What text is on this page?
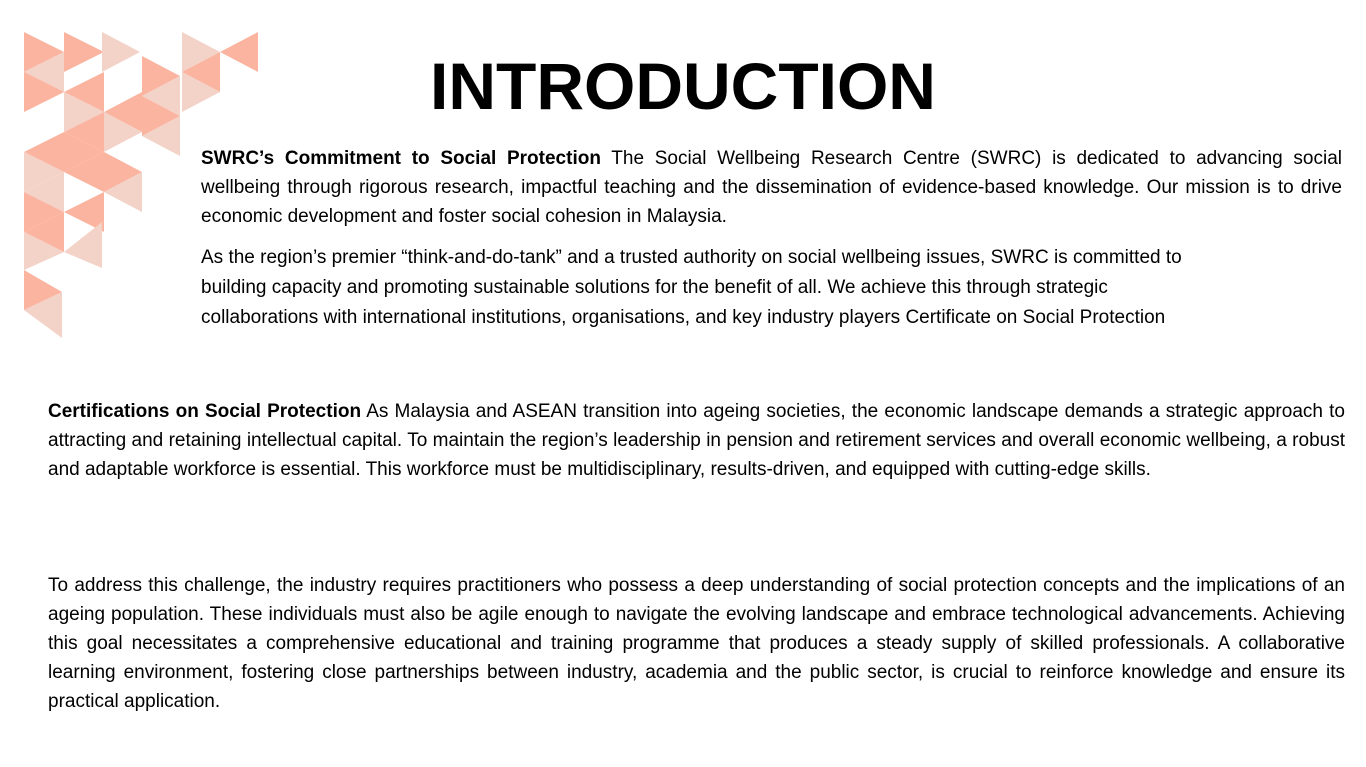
INTRODUCTION

SWRC’s Commitment to Social Protection The Social Wellbeing Research Centre (SWRC) is dedicated to advancing social wellbeing through rigorous research, impactful teaching and the dissemination of evidence-based knowledge. Our mission is to drive economic development and foster social cohesion in Malaysia.

As the region’s premier “think-and-do-tank” and a trusted authority on social wellbeing issues, SWRC is committed to
building capacity and promoting sustainable solutions for the benefit of all. We achieve this through strategic
collaborations with international institutions, organisations, and key industry players Certificate on Social Protection

Certifications on Social Protection As Malaysia and ASEAN transition into ageing societies, the economic landscape demands a strategic approach to attracting and retaining intellectual capital. To maintain the region’s leadership in pension and retirement services and overall economic wellbeing, a robust and adaptable workforce is essential. This workforce must be multidisciplinary, results-driven, and equipped with cutting-edge skills.

To address this challenge, the industry requires practitioners who possess a deep understanding of social protection concepts and the implications of an ageing population. These individuals must also be agile enough to navigate the evolving landscape and embrace technological advancements. Achieving this goal necessitates a comprehensive educational and training programme that produces a steady supply of skilled professionals. A collaborative learning environment, fostering close partnerships between industry, academia and the public sector, is crucial to reinforce knowledge and ensure its practical application.
